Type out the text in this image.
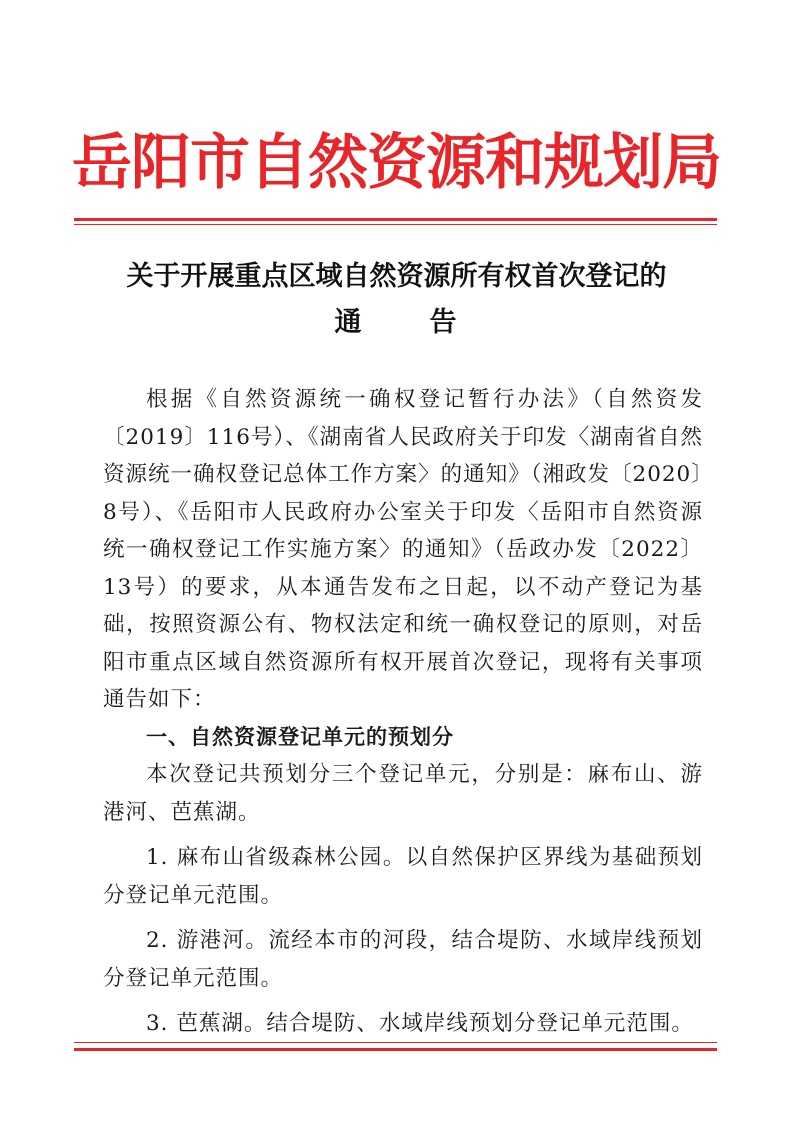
岳阳市自然资源和规划局
关于开展重点区域自然资源所有权首次登记的
通 告

根据《自然资源统一确权登记暂行办法》（自然资发〔2019〕116号）、《湖南省人民政府关于印发〈湖南省自然资源统一确权登记总体工作方案〉的通知》（湘政发〔2020〕8号）、《岳阳市人民政府办公室关于印发〈岳阳市自然资源统一确权登记工作实施方案〉的通知》（岳政办发〔2022〕13号）的要求，从本通告发布之日起，以不动产登记为基础，按照资源公有、物权法定和统一确权登记的原则，对岳阳市重点区域自然资源所有权开展首次登记，现将有关事项通告如下：

一、自然资源登记单元的预划分

本次登记共预划分三个登记单元，分别是：麻布山、游港河、芭蕉湖。

1. 麻布山省级森林公园。以自然保护区界线为基础预划分登记单元范围。

2. 游港河。流经本市的河段，结合堤防、水域岸线预划分登记单元范围。

3. 芭蕉湖。结合堤防、水域岸线预划分登记单元范围。
